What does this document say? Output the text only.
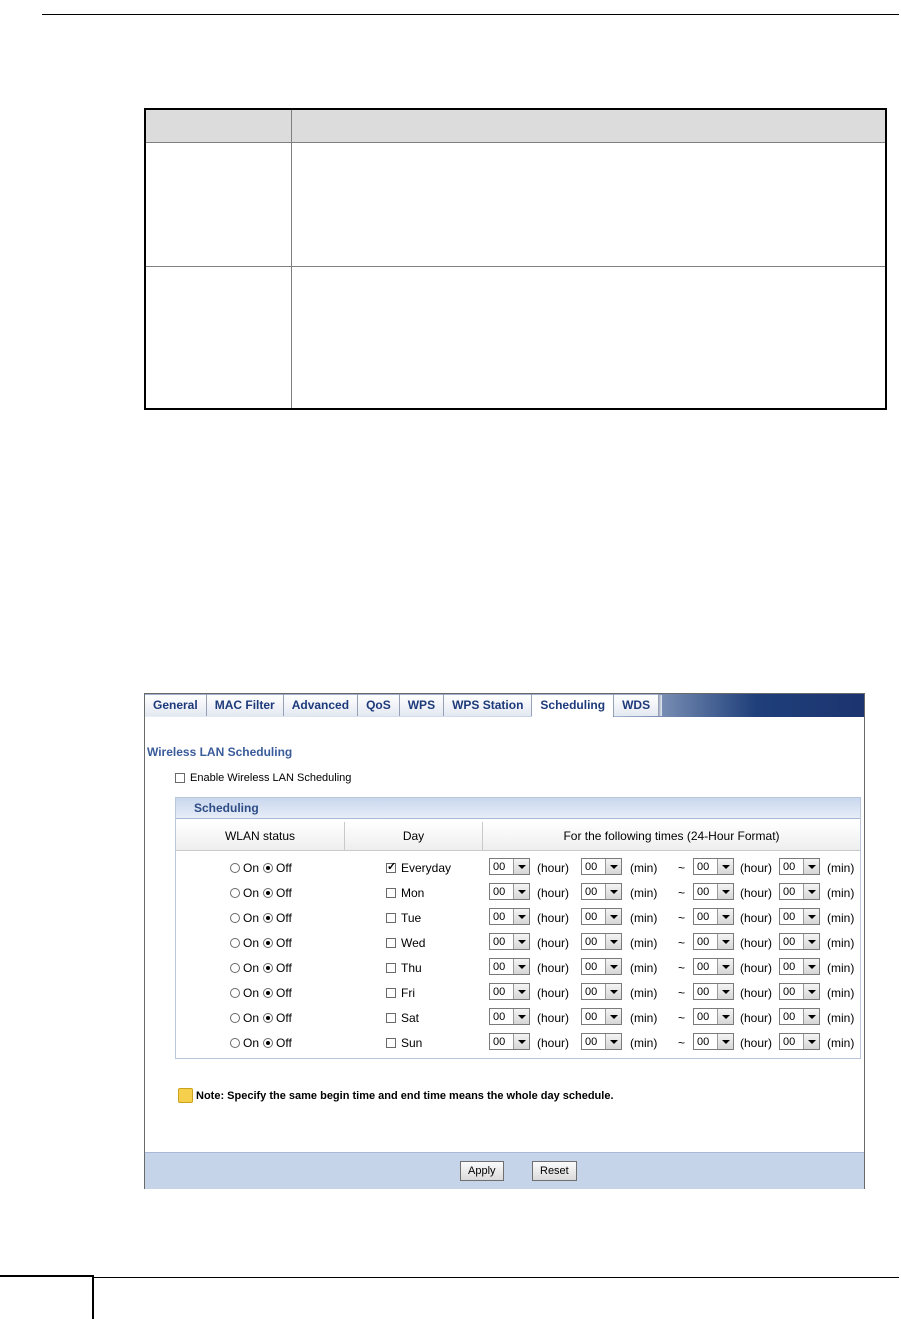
General	MAC Filter	Advanced	QoS	WPS	WPS Station	Scheduling	WDS
Wireless LAN Scheduling
Enable Wireless LAN Scheduling
Scheduling
WLAN status	Day	For the following times (24-Hour Format)
On Off
✓	Everyday	00	(hour)	00	(min) ~	00	(hour) 00	(min)
On Off	Mon	00	(hour)	00	(min) ~	00	(hour) 00	(min)
On Off	Tue	00	(hour)	00	(min) ~	00	(hour) 00	(min)
On Off	Wed	00	(hour)	00	(min) ~	00	(hour) 00	(min)
On Off	Thu	00	(hour)	00	(min) ~	00	(hour) 00	(min)
On Off	Fri	00	(hour)	00	(min) ~	00	(hour) 00	(min)
On Off	Sat	00	(hour)	00	(min) ~	00	(hour) 00	(min)
On Off	Sun	00	(hour)	00	(min) ~	00	(hour) 00	(min)
Note: Specify the same begin time and end time means the whole day schedule.
Apply	Reset
